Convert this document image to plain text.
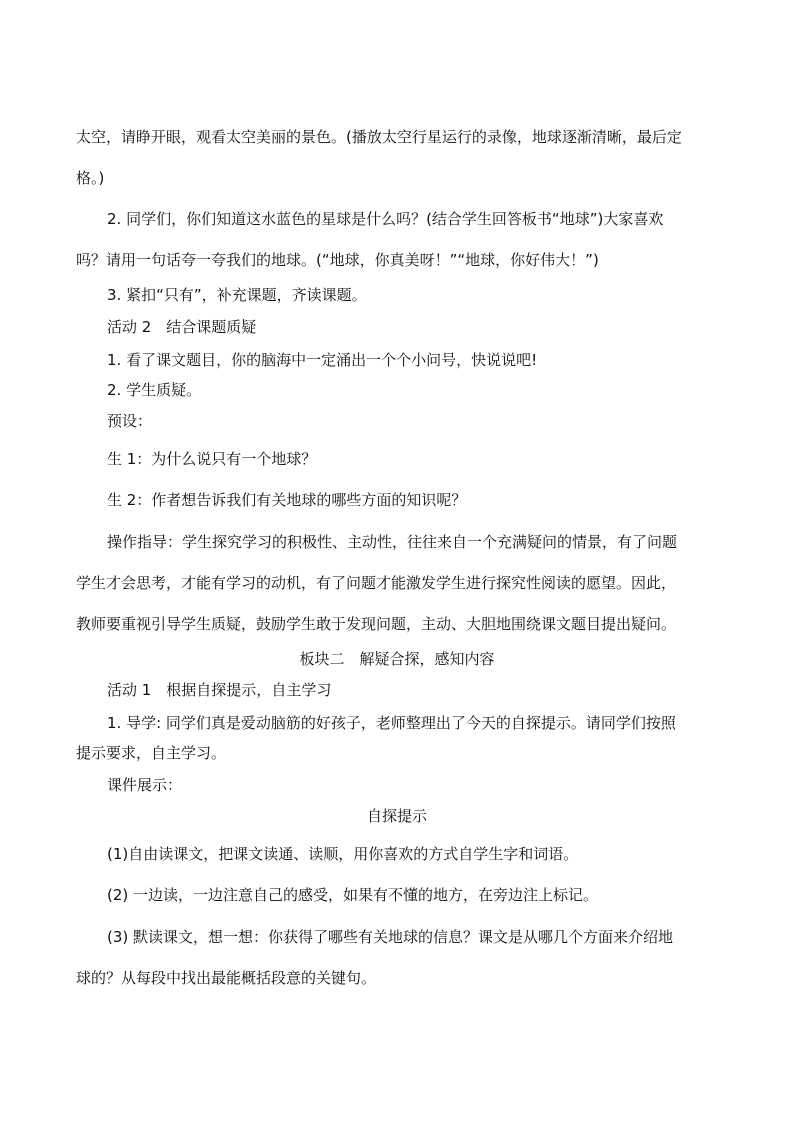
太空，请睁开眼，观看太空美丽的景色。(播放太空行星运行的录像，地球逐渐清晰，最后定
格。)
2. 同学们，你们知道这水蓝色的星球是什么吗？(结合学生回答板书“地球”)大家喜欢
吗？请用一句话夸一夸我们的地球。(“地球，你真美呀！”“地球，你好伟大！”)
3. 紧扣“只有”，补充课题，齐读课题。
活动 2　结合课题质疑
1. 看了课文题目，你的脑海中一定涌出一个个小问号，快说说吧!
2. 学生质疑。
预设：
生 1：为什么说只有一个地球？
生 2：作者想告诉我们有关地球的哪些方面的知识呢？
操作指导：学生探究学习的积极性、主动性，往往来自一个充满疑问的情景，有了问题
学生才会思考，才能有学习的动机，有了问题才能激发学生进行探究性阅读的愿望。因此，
教师要重视引导学生质疑，鼓励学生敢于发现问题，主动、大胆地围绕课文题目提出疑问。
板块二　解疑合探，感知内容
活动 1　根据自探提示，自主学习
1. 导学: 同学们真是爱动脑筋的好孩子，老师整理出了今天的自探提示。请同学们按照
提示要求，自主学习。
课件展示：
自探提示
(1)自由读课文，把课文读通、读顺，用你喜欢的方式自学生字和词语。
(2) 一边读，一边注意自己的感受，如果有不懂的地方，在旁边注上标记。
(3) 默读课文，想一想：你获得了哪些有关地球的信息？课文是从哪几个方面来介绍地
球的？从每段中找出最能概括段意的关键句。
